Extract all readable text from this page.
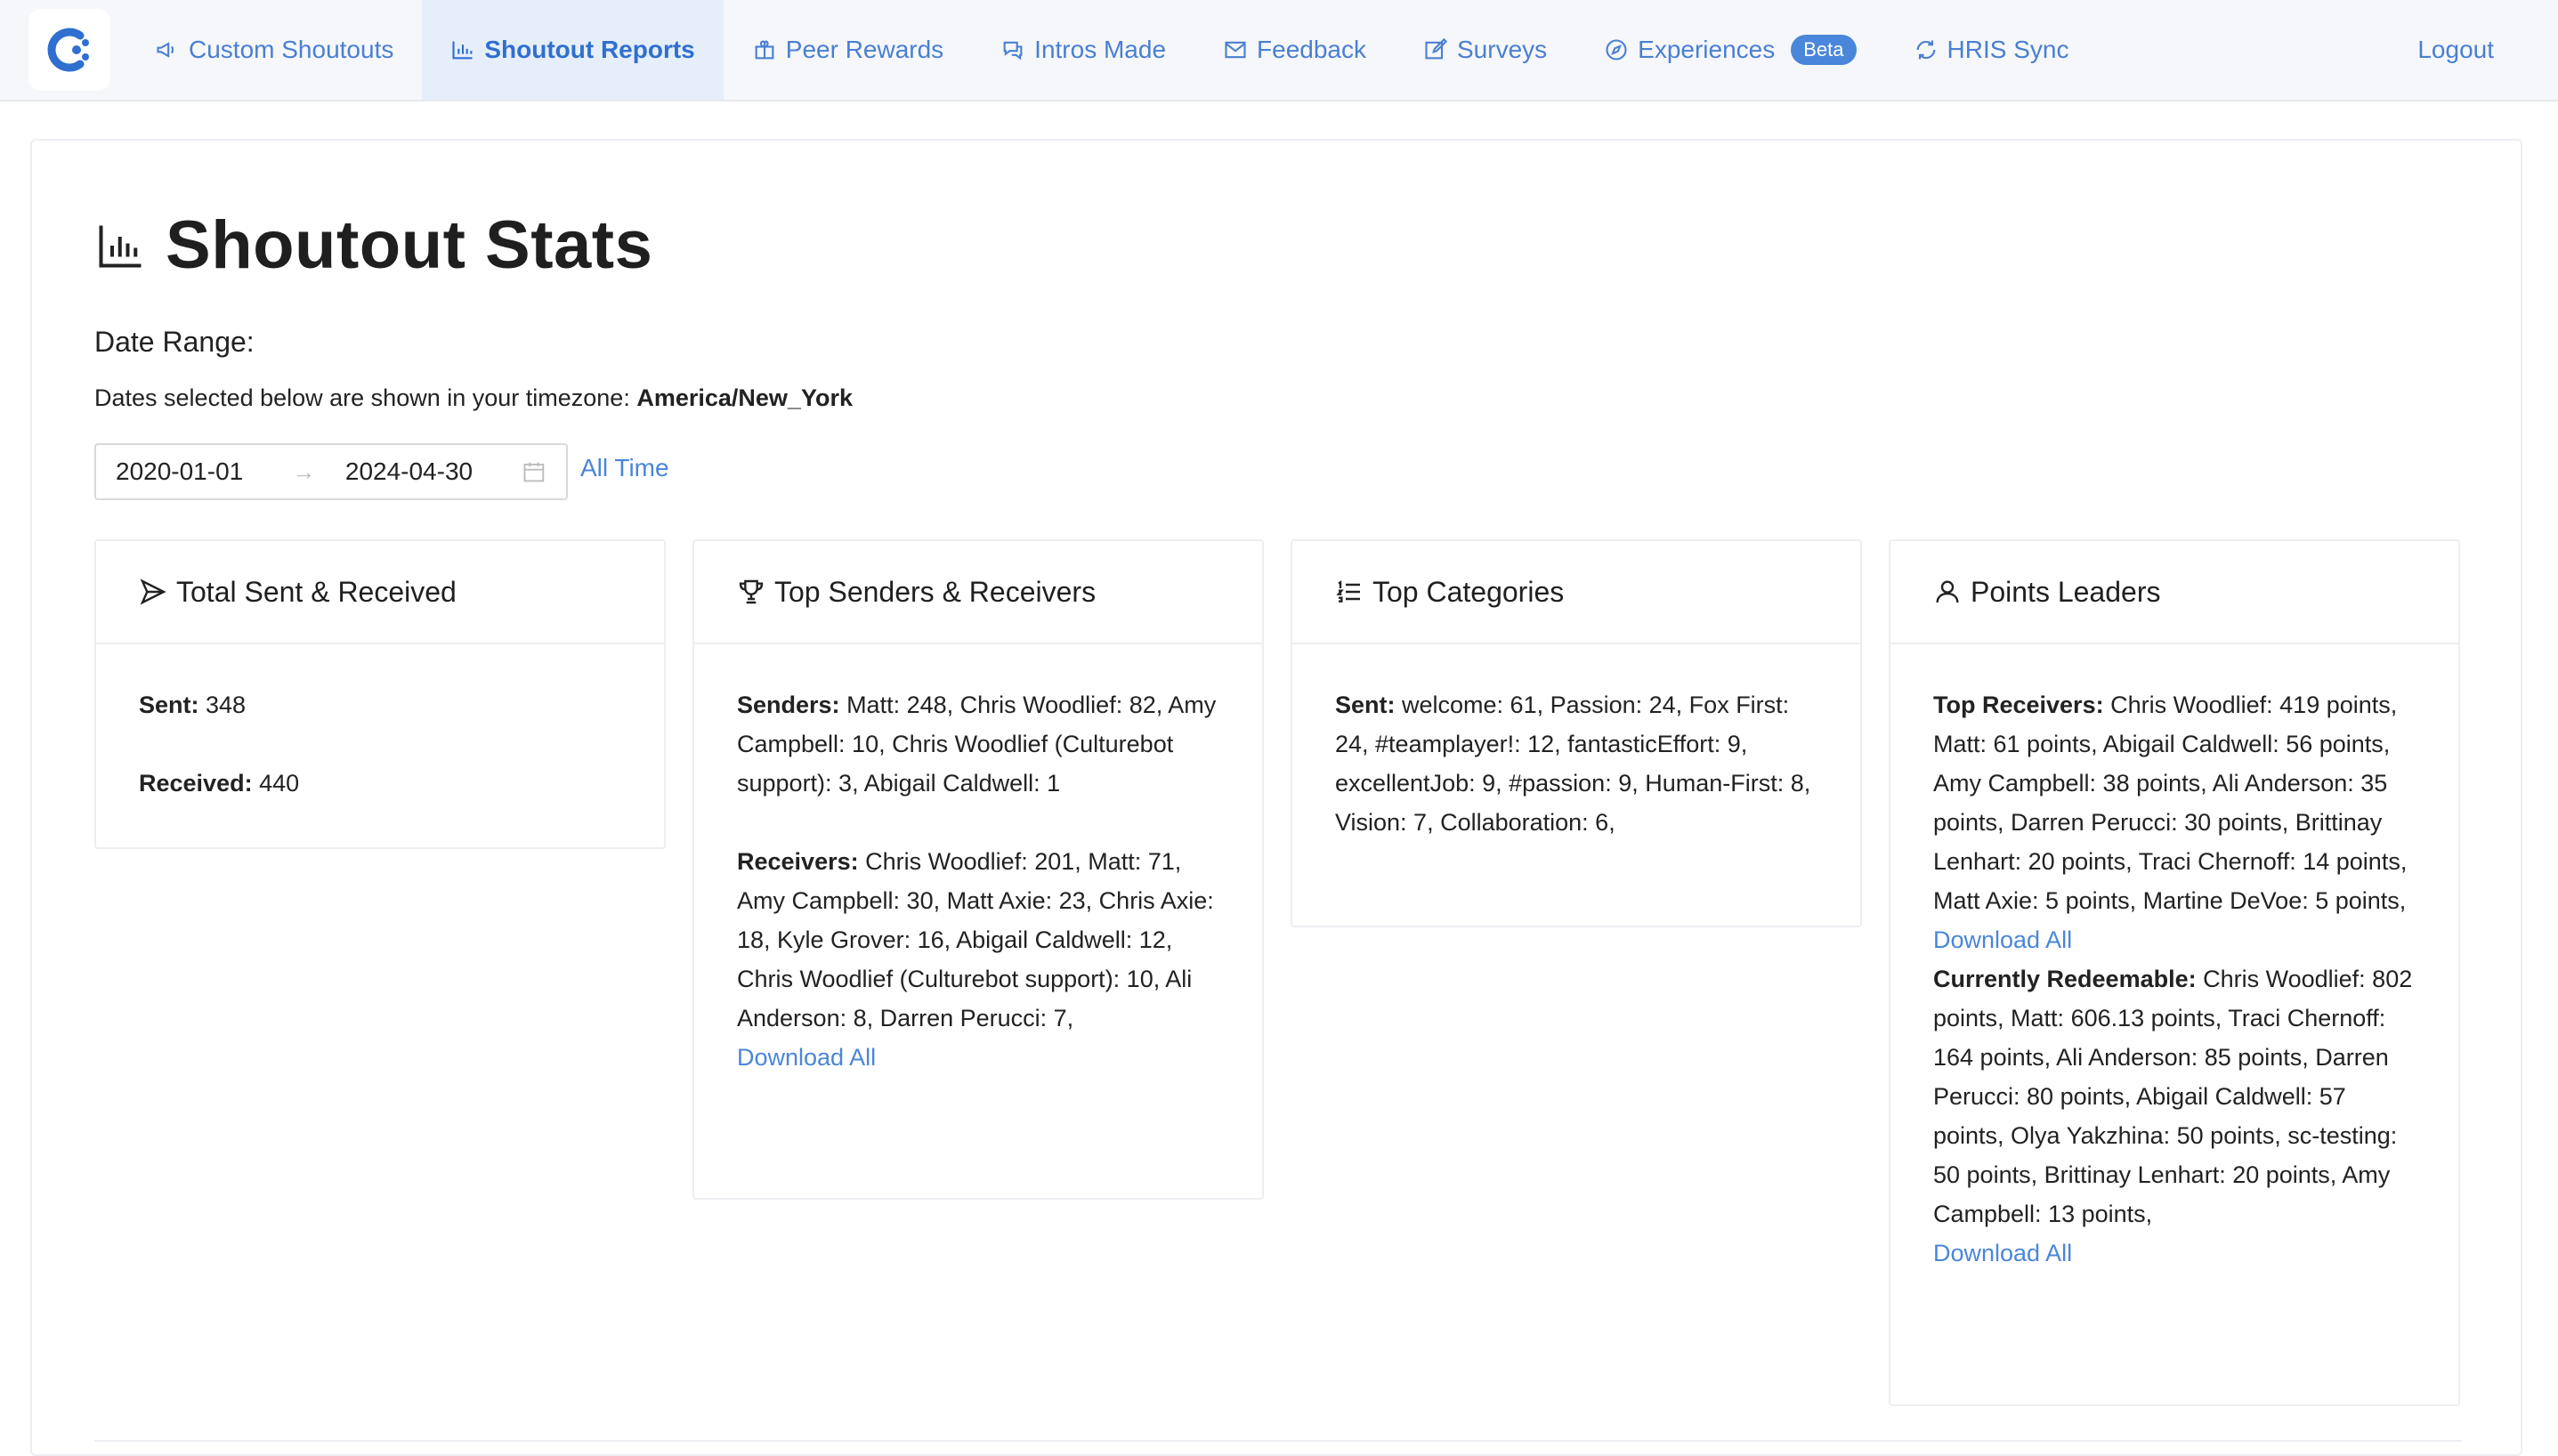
Custom Shoutouts	Shoutout Reports	Peer Rewards	Intros Made	Feedback	Surveys	Experiences	Beta	HRIS Sync	Logout
Shoutout Stats
Date Range:
Dates selected below are shown in your timezone: America/New_York
2020-01-01	→	2024-04-30	All Time
Total Sent & Received

Sent: 348

Received: 440

Top Senders & Receivers

Senders: Matt: 248, Chris Woodlief: 82, Amy Campbell: 10, Chris Woodlief (Culturebot support): 3, Abigail Caldwell: 1

Receivers: Chris Woodlief: 201, Matt: 71, Amy Campbell: 30, Matt Axie: 23, Chris Axie: 18, Kyle Grover: 16, Abigail Caldwell: 12, Chris Woodlief (Culturebot support): 10, Ali Anderson: 8, Darren Perucci: 7,

Download All
Top Categories

Sent: welcome: 61, Passion: 24, Fox First: 24, #teamplayer!: 12, fantasticEffort: 9, excellentJob: 9, #passion: 9, Human-First: 8, Vision: 7, Collaboration: 6,

Points Leaders

Top Receivers: Chris Woodlief: 419 points, Matt: 61 points, Abigail Caldwell: 56 points, Amy Campbell: 38 points, Ali Anderson: 35 points, Darren Perucci: 30 points, Brittinay Lenhart: 20 points, Traci Chernoff: 14 points, Matt Axie: 5 points, Martine DeVoe: 5 points,

Download All

Currently Redeemable: Chris Woodlief: 802 points, Matt: 606.13 points, Traci Chernoff: 164 points, Ali Anderson: 85 points, Darren Perucci: 80 points, Abigail Caldwell: 57 points, Olya Yakzhina: 50 points, sc-testing: 50 points, Brittinay Lenhart: 20 points, Amy Campbell: 13 points,

Download All
